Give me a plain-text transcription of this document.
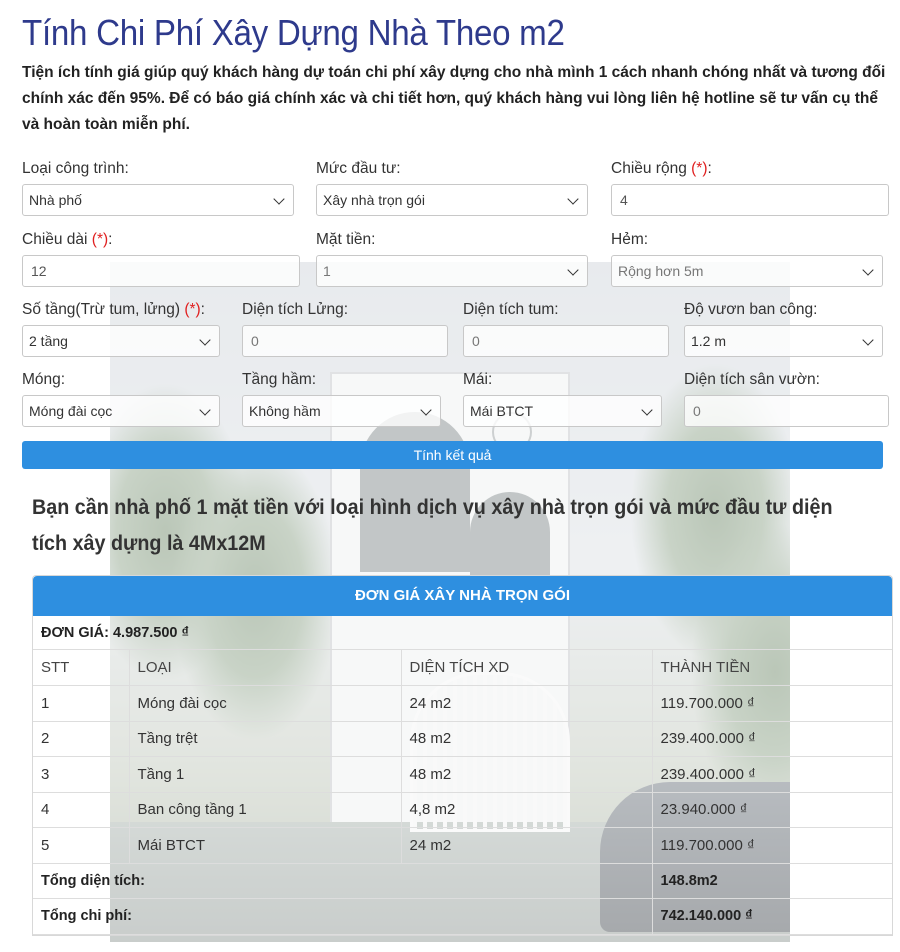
Tính Chi Phí Xây Dựng Nhà Theo m2

Tiện ích tính giá giúp quý khách hàng dự toán chi phí xây dựng cho nhà mình 1 cách nhanh chóng nhất và tương đối chính xác đến 95%. Để có báo giá chính xác và chi tiết hơn, quý khách hàng vui lòng liên hệ hotline sẽ tư vấn cụ thể và hoàn toàn miễn phí.

Loại công trình:
Nhà phố
Mức đầu tư:
Xây nhà trọn gói
Chiều rộng (*):
4
Chiều dài (*):
12
Mặt tiền:
1
Hẻm:
Rộng hơn 5m
Số tầng(Trừ tum, lửng) (*):
2 tầng
Diện tích Lửng:
0
Diện tích tum:
0
Độ vươn ban công:
1.2 m
Móng:
Móng đài cọc
Tầng hầm:
Không hầm
Mái:
Mái BTCT
Diện tích sân vườn:
0
Tính kết quả
Bạn cần nhà phố 1 mặt tiền với loại hình dịch vụ xây nhà trọn gói và mức đầu tư diện tích xây dựng là 4Mx12M
ĐƠN GIÁ XÂY NHÀ TRỌN GÓI
ĐƠN GIÁ: 4.987.500 ₫
STT	LOẠI	DIỆN TÍCH XD	THÀNH TIỀN
1	Móng đài cọc	24 m2	119.700.000 ₫
2	Tầng trệt	48 m2	239.400.000 ₫
3	Tầng 1	48 m2	239.400.000 ₫
4	Ban công tầng 1	4,8 m2	23.940.000 ₫
5	Mái BTCT	24 m2	119.700.000 ₫
Tổng diện tích:			148.8m2
Tổng chi phí:			742.140.000 ₫
